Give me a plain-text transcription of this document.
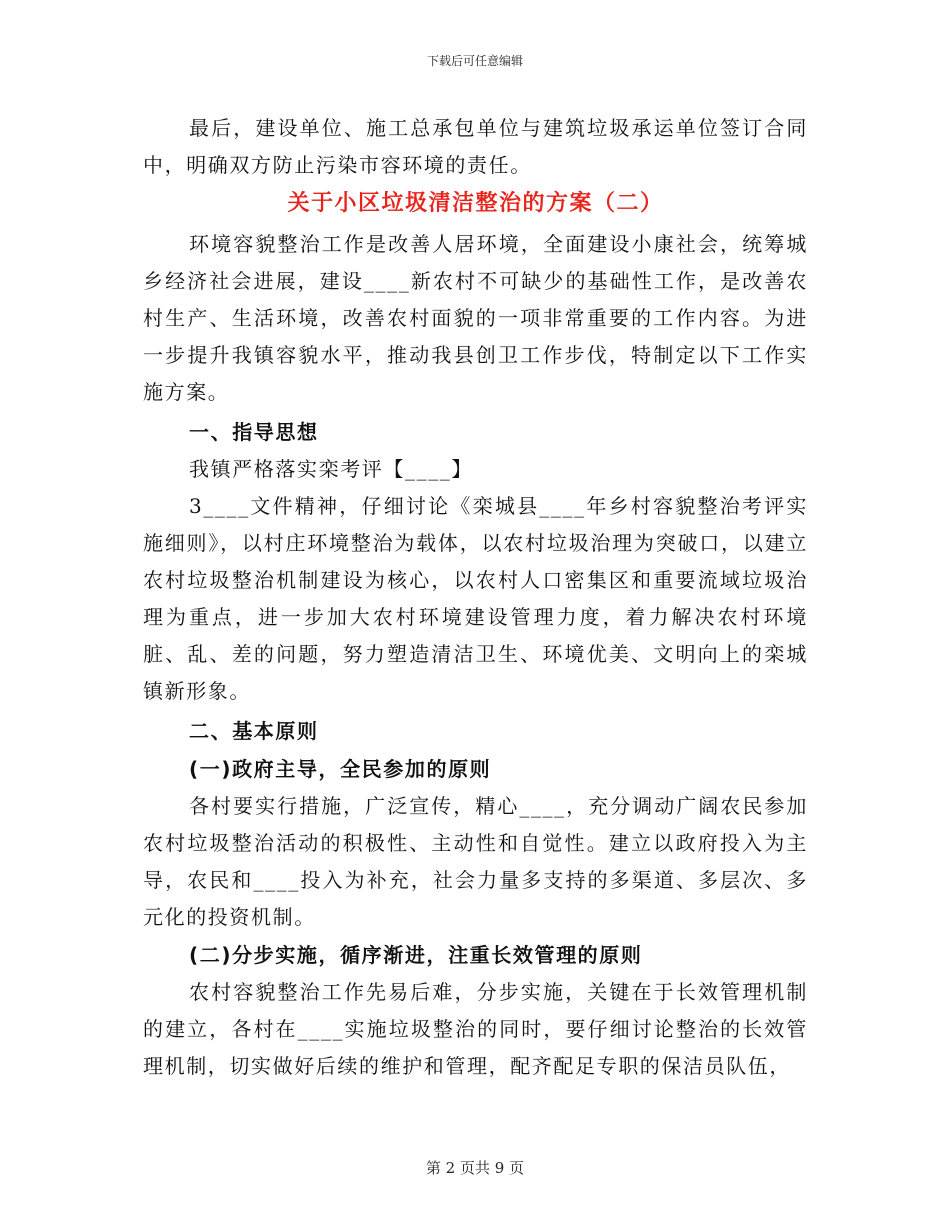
下载后可任意编辑

最后，建设单位、施工总承包单位与建筑垃圾承运单位签订合同中，明确双方防止污染市容环境的责任。

关于小区垃圾清洁整治的方案（二）

环境容貌整治工作是改善人居环境，全面建设小康社会，统筹城乡经济社会进展，建设____新农村不可缺少的基础性工作，是改善农村生产、生活环境，改善农村面貌的一项非常重要的工作内容。为进一步提升我镇容貌水平，推动我县创卫工作步伐，特制定以下工作实施方案。

一、指导思想

我镇严格落实栾考评【____】

3____文件精神，仔细讨论《栾城县____年乡村容貌整治考评实施细则》，以村庄环境整治为载体，以农村垃圾治理为突破口，以建立农村垃圾整治机制建设为核心，以农村人口密集区和重要流域垃圾治理为重点，进一步加大农村环境建设管理力度，着力解决农村环境脏、乱、差的问题，努力塑造清洁卫生、环境优美、文明向上的栾城镇新形象。

二、基本原则

(一)政府主导，全民参加的原则

各村要实行措施，广泛宣传，精心____，充分调动广阔农民参加农村垃圾整治活动的积极性、主动性和自觉性。建立以政府投入为主导，农民和____投入为补充，社会力量多支持的多渠道、多层次、多元化的投资机制。

(二)分步实施，循序渐进，注重长效管理的原则

农村容貌整治工作先易后难，分步实施，关键在于长效管理机制的建立，各村在____实施垃圾整治的同时，要仔细讨论整治的长效管理机制，切实做好后续的维护和管理，配齐配足专职的保洁员队伍，

第 2 页共 9 页
